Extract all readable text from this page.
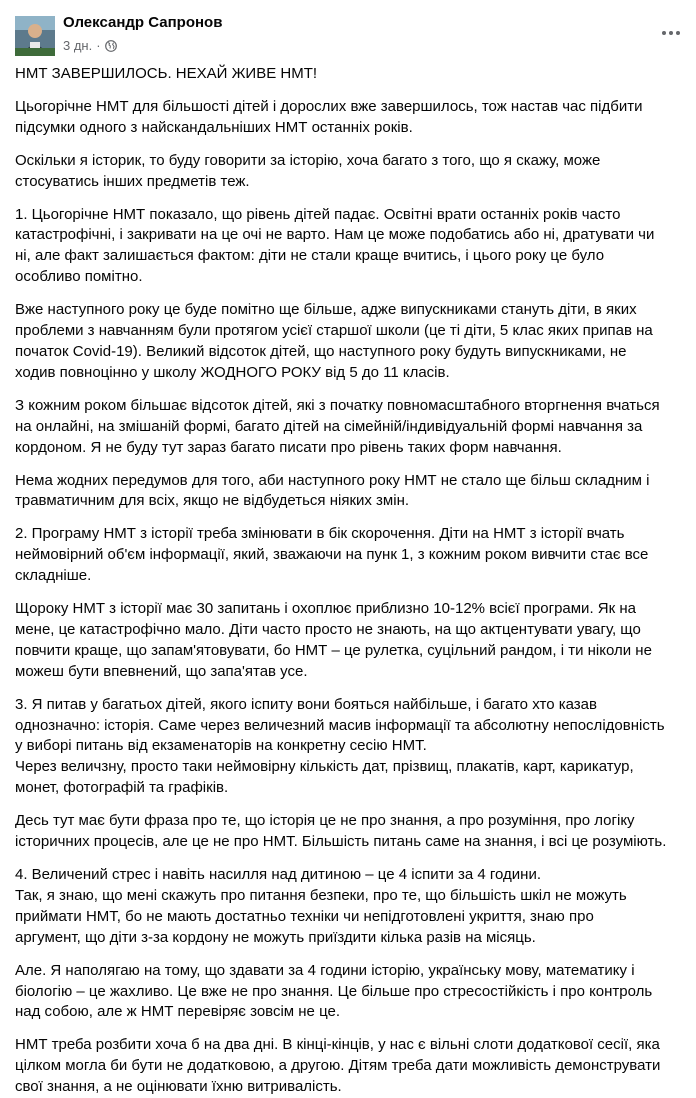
Олександр Сапронов
3 дн. ·

НМТ ЗАВЕРШИЛОСЬ. НЕХАЙ ЖИВЕ НМТ!

Цьогорічне НМТ для більшості дітей і дорослих вже завершилось, тож настав час підбити
підсумки одного з найскандальніших НМТ останніх років.

Оскільки я історик, то буду говорити за історію, хоча багато з того, що я скажу, може
стосуватись інших предметів теж.

1. Цьогорічне НМТ показало, що рівень дітей падає. Освітні врати останніх років часто
катастрофічні, і закривати на це очі не варто. Нам це може подобатись або ні, дратувати чи
ні, але факт залишається фактом: діти не стали краще вчитись, і цього року це було
особливо помітно.

Вже наступного року це буде помітно ще більше, адже випускниками стануть діти, в яких
проблеми з навчанням були протягом усієї старшої школи (це ті діти, 5 клас яких припав на
початок Covid-19). Великий відсоток дітей, що наступного року будуть випускниками, не
ходив повноцінно у школу ЖОДНОГО РОКУ від 5 до 11 класів.

З кожним роком більшає відсоток дітей, які з початку повномасштабного вторгнення вчаться
на онлайні, на змішаній формі, багато дітей на сімейній/індивідуальній формі навчання за
кордоном. Я не буду тут зараз багато писати про рівень таких форм навчання.

Нема жодних передумов для того, аби наступного року НМТ не стало ще більш складним і
травматичним для всіх, якщо не відбудеться ніяких змін.

2. Програму НМТ з історії треба змінювати в бік скорочення. Діти на НМТ з історії вчать
неймовірний об'єм інформації, який, зважаючи на пунк 1, з кожним роком вивчити стає все
складніше.

Щороку НМТ з історії має 30 запитань і охоплює приблизно 10-12% всієї програми. Як на
мене, це катастрофічно мало. Діти часто просто не знають, на що актцентувати увагу, що
повчити краще, що запам'ятовувати, бо НМТ – це рулетка, суцільний рандом, і ти ніколи не
можеш бути впевнений, що запа'ятав усе.

3. Я питав у багатьох дітей, якого іспиту вони бояться найбільше, і багато хто казав
однозначно: історія. Саме через величезний масив інформації та абсолютну непослідовність
у виборі питань від екзаменаторів на конкретну сесію НМТ.
Через величзну, просто таки неймовірну кількість дат, прізвищ, плакатів, карт, карикатур,
монет, фотографій та графіків.

Десь тут має бути фраза про те, що історія це не про знання, а про розуміння, про логіку
історичних процесів, але це не про НМТ. Більшість питань саме на знання, і всі це розуміють.

4. Величений стрес і навіть насилля над дитиною – це 4 іспити за 4 години.
Так, я знаю, що мені скажуть про питання безпеки, про те, що більшість шкіл не можуть
приймати НМТ, бо не мають достатньо техніки чи непідготовлені укриття, знаю про
аргумент, що діти з-за кордону не можуть приїздити кілька разів на місяць.

Але. Я наполягаю на тому, що здавати за 4 години історію, українську мову, математику і
біологію – це жахливо. Це вже не про знання. Це більше про стресостійкість і про контроль
над собою, але ж НМТ перевіряє зовсім не це.

НМТ треба розбити хоча б на два дні. В кінці-кінців, у нас є вільні слоти додаткової сесії, яка
цілком могла би бути не додатковою, а другою. Дітям треба дати можливість демонструвати
свої знання, а не оцінювати їхню витривалість.
